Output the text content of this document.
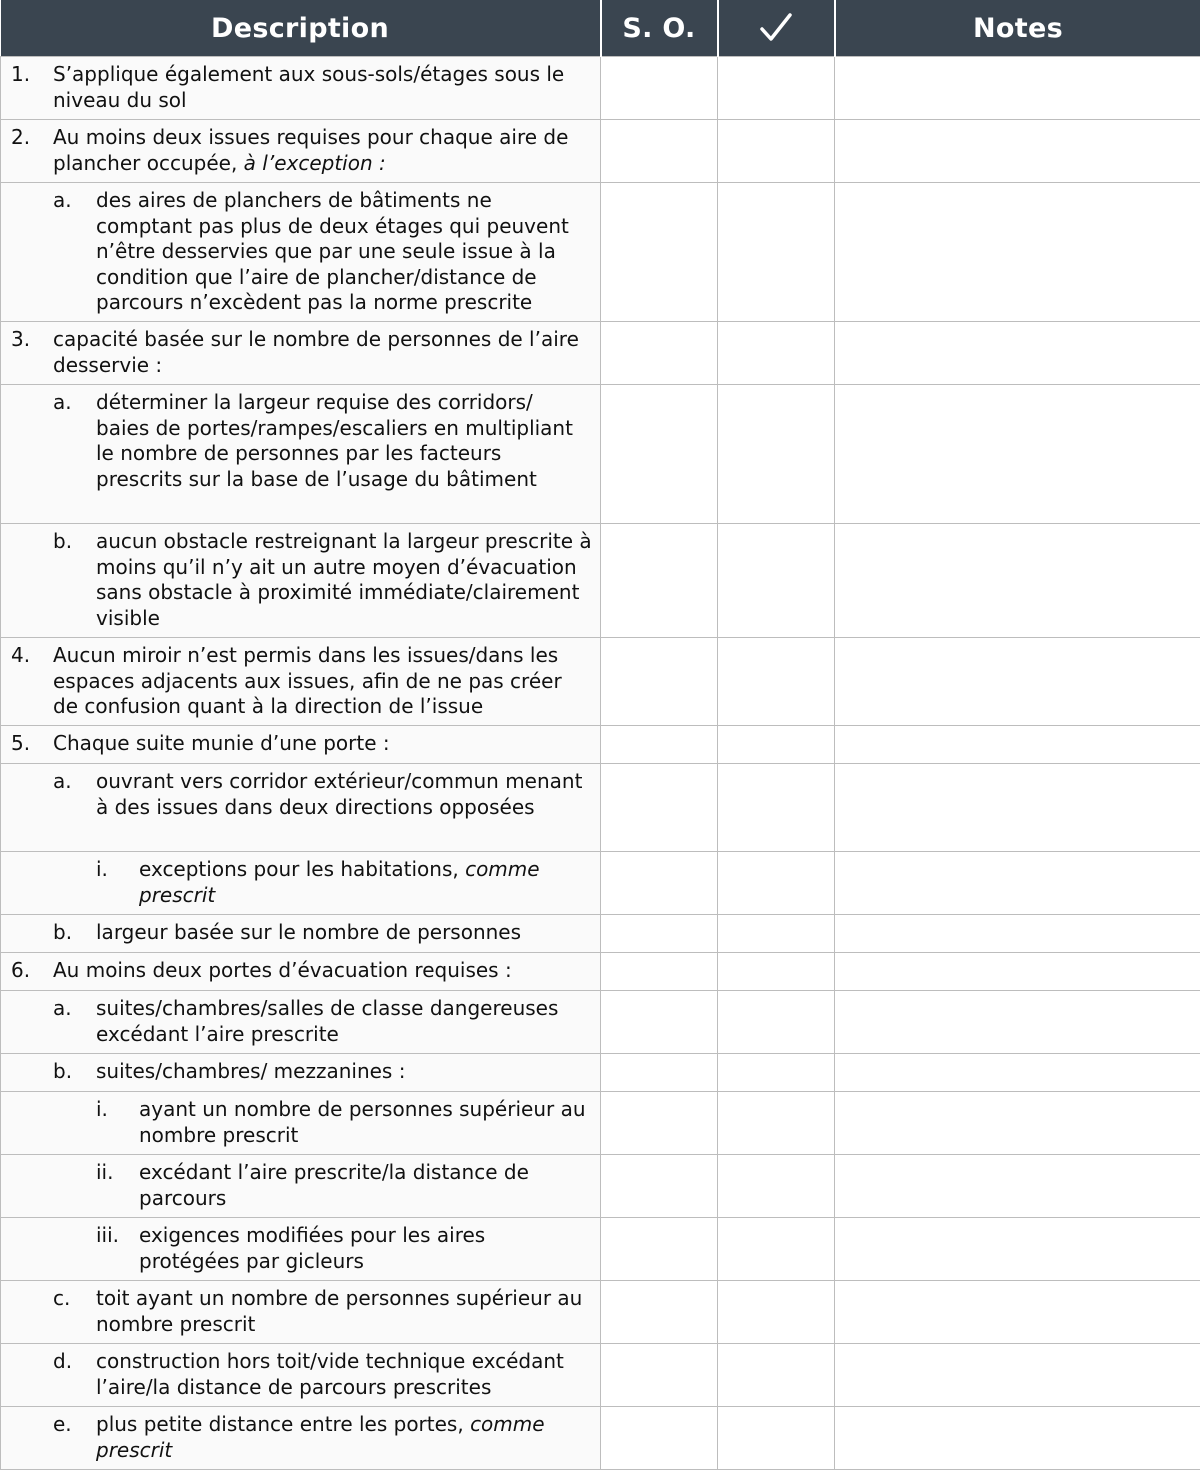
Description	S. O.		Notes

1. S’applique également aux sous-sols/étages sous le niveau du sol			

2. Au moins deux issues requises pour chaque aire de plancher occupée, à l’exception :			

a. des aires de planchers de bâtiments ne comptant pas plus de deux étages qui peuvent n’être desservies que par une seule issue à la condition que l’aire de plancher/distance de parcours n’excèdent pas la norme prescrite			

3. capacité basée sur le nombre de personnes de l’aire desservie :			

a. déterminer la largeur requise des corridors/ baies de portes/rampes/escaliers en multipliant le nombre de personnes par les facteurs prescrits sur la base de l’usage du bâtiment			

b. aucun obstacle restreignant la largeur prescrite à moins qu’il n’y ait un autre moyen d’évacuation sans obstacle à proximité immédiate/clairement visible			

4. Aucun miroir n’est permis dans les issues/dans les espaces adjacents aux issues, afin de ne pas créer de confusion quant à la direction de l’issue			

5. Chaque suite munie d’une porte :			

a. ouvrant vers corridor extérieur/commun menant à des issues dans deux directions opposées			

i. exceptions pour les habitations, comme prescrit			

b. largeur basée sur le nombre de personnes			

6. Au moins deux portes d’évacuation requises :			

a. suites/chambres/salles de classe dangereuses excédant l’aire prescrite			

b. suites/chambres/ mezzanines :			

i. ayant un nombre de personnes supérieur au nombre prescrit			

ii. excédant l’aire prescrite/la distance de parcours			

iii. exigences modifiées pour les aires protégées par gicleurs			

c. toit ayant un nombre de personnes supérieur au nombre prescrit			

d. construction hors toit/vide technique excédant l’aire/la distance de parcours prescrites			

e. plus petite distance entre les portes, comme prescrit			
